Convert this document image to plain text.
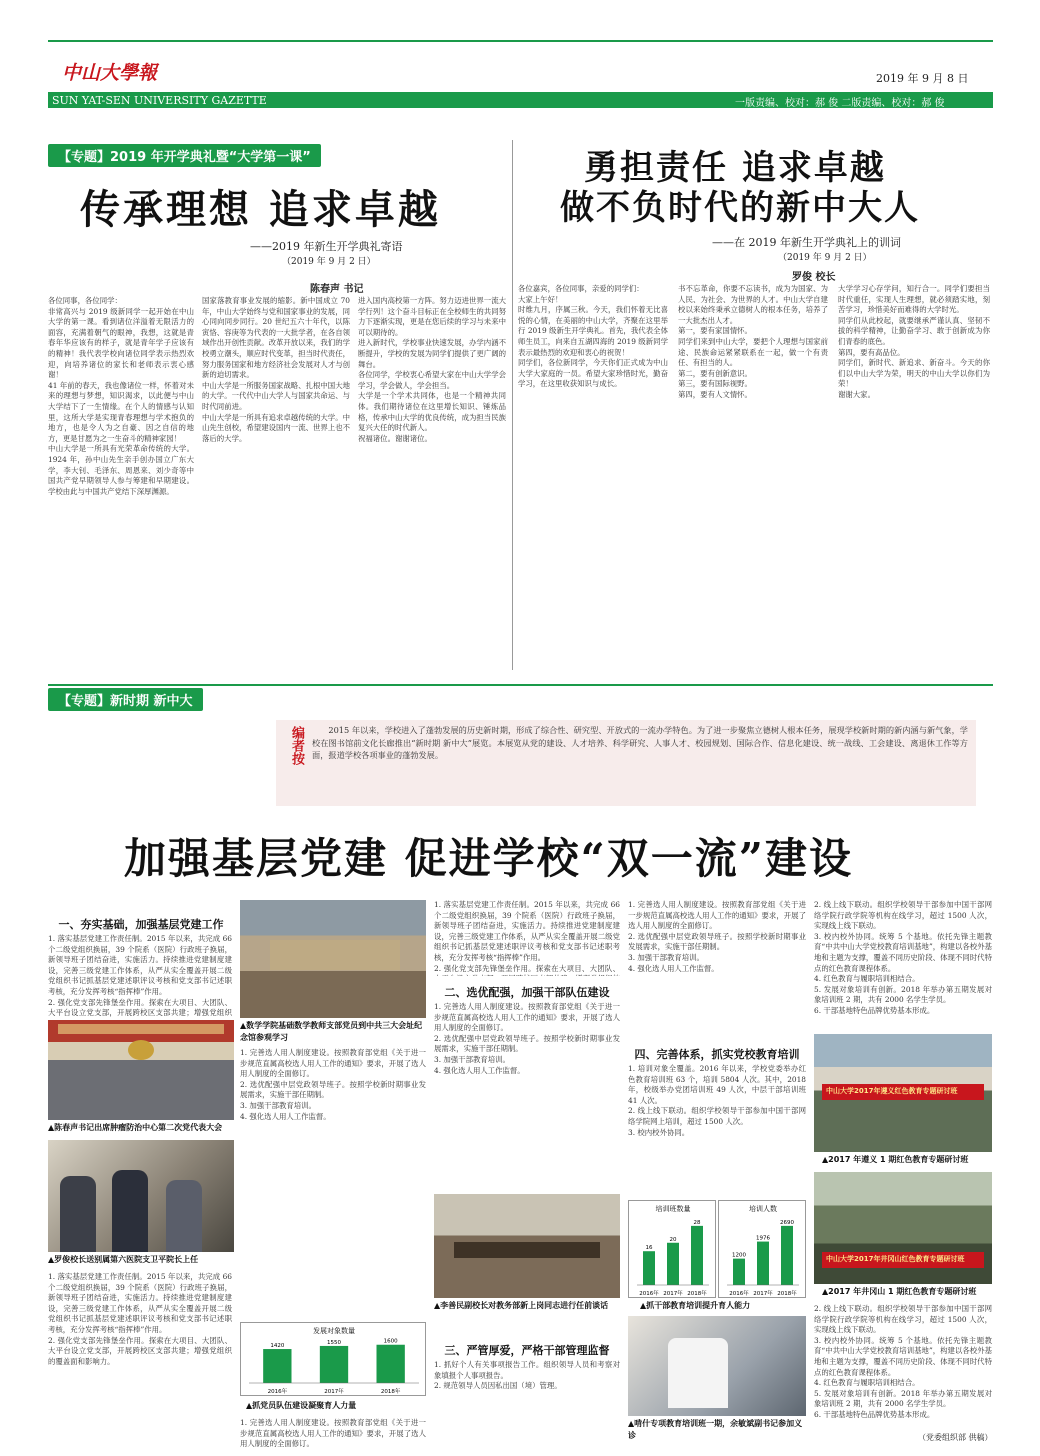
中山大學報	2019 年 9 月 8 日
SUN YAT-SEN UNIVERSITY GAZETTE	一版责编、校对：郝 俊 二版责编、校对：郝 俊
【专题】2019 年开学典礼暨“大学第一课”
传承理想 追求卓越
——2019 年新生开学典礼寄语
（2019 年 9 月 2 日）
陈春声 书记
各位同事，各位同学：
非常高兴与 2019 级新同学一起开始在中山大学的第一课。看到诸位洋溢着无限活力的面容，充满着朝气的眼神，我想，这就是青春年华应该有的样子，就是青年学子应该有的精神！我代表学校向诸位同学表示热烈欢迎，向培养诸位的家长和老师表示衷心感谢！
41 年前的春天，我也像诸位一样，怀着对未来的理想与梦想，知识渴求，以此便与中山大学结下了一生情缘。在个人的情感与认知里，这所大学是实现青春理想与学术抱负的地方，也是令人为之自豪、因之自信的地方，更是甘愿为之一生奋斗的精神家园！
中山大学是一所具有光荣革命传统的大学。1924 年，孙中山先生亲手创办国立广东大学，李大钊、毛泽东、周恩来、刘少奇等中国共产党早期领导人参与筹建和早期建设。学校由此与中国共产党结下深厚渊源。
国家落教育事业发展的缩影。新中国成立 70 年，中山大学始终与党和国家事业的发展，同心同向同步同行。20 世纪五六十年代，以陈寅恪、容庚等为代表的一大批学者，在各自领域作出开创性贡献。改革开放以来，我们的学校勇立潮头，顺应时代变革，担当时代责任，努力服务国家和地方经济社会发展对人才与创新的迫切需求。
中山大学是一所服务国家战略、扎根中国大地的大学。一代代中山大学人与国家共命运、与时代同前进。
中山大学是一所具有追求卓越传统的大学。中山先生创校，希望建设国内一流、世界上也不落后的大学。
进入国内高校第一方阵。努力迈进世界一流大学行列！这个奋斗目标正在全校师生的共同努力下逐渐实现，更是在您后续的学习与未来中可以期待的。
进入新时代，学校事业快速发展，办学内涵不断提升，学校的发展为同学们提供了更广阔的舞台。
各位同学，学校衷心希望大家在中山大学学会学习，学会做人，学会担当。
大学是一个学术共同体，也是一个精神共同体。我们期待诸位在这里增长知识、锤炼品格，传承中山大学的优良传统，成为担当民族复兴大任的时代新人。
祝福诸位。谢谢诸位。
勇担责任 追求卓越
做不负时代的新中大人
——在 2019 年新生开学典礼上的训词
（2019 年 9 月 2 日）
罗俊 校长
各位嘉宾，各位同事，亲爱的同学们：
大家上午好！
时维九月，序属三秋。今天，我们怀着无比喜悦的心情，在美丽的中山大学，齐聚在这里举行 2019 级新生开学典礼。首先，我代表全体师生员工，向来自五湖四海的 2019 级新同学表示最热烈的欢迎和衷心的祝贺！
同学们，各位新同学，今天你们正式成为中山大学大家庭的一员。希望大家珍惜时光，勤奋学习，在这里收获知识与成长。
书不忘革命，你要不忘读书，成为为国家、为人民、为社会、为世界的人才。中山大学自建校以来始终秉承立德树人的根本任务，培养了一大批杰出人才。
第一，要有家国情怀。
同学们来到中山大学，要把个人理想与国家前途、民族命运紧紧联系在一起，做一个有责任、有担当的人。
第二，要有创新意识。
第三，要有国际视野。
第四，要有人文情怀。
大学学习心存学问，知行合一。同学们要担当时代重任，实现人生理想，就必须踏实地，刻苦学习，珍惜美好而难得的大学时光。
同学们从此校起，就要继承严谨认真、坚韧不拔的科学精神，让勤奋学习、敢于创新成为你们青春的底色。
第四，要有高品位。
同学们，新时代、新追求、新奋斗。今天的你们以中山大学为荣，明天的中山大学以你们为荣！
谢谢大家。
【专题】新时期 新中大
编者按	2015 年以来，学校进入了蓬勃发展的历史新时期，形成了综合性、研究型、开放式的一流办学特色。为了进一步聚焦立德树人根本任务，展现学校新时期的新内涵与新气象，学校在图书馆前文化长廊推出“新时期 新中大”展览。本展览从党的建设、人才培养、科学研究、人事人才、校园规划、国际合作、信息化建设、统一战线、工会建设、离退休工作等方面，报道学校各项事业的蓬勃发展。
加强基层党建 促进学校“双一流”建设
一、夯实基础，加强基层党建工作
1. 落实基层党建工作责任制。2015 年以来，共完成 66 个二级党组织换届，39 个院系（医院）行政班子换届，新领导班子团结奋进，实施活力。持续推进党建制度建设，完善三级党建工作体系，从严从实全覆盖开展二级党组织书记抓基层党建述职评议考核和党支部书记述职考核，充分发挥考核“指挥棒”作用。
2. 强化党支部先锋堡垒作用。探索在大项目、大团队、大平台设立党支部，开展跨校区支部共建；增强党组织
▲陈春声书记出席肿瘤防治中心第二次党代表大会
▲罗俊校长送别属第六医院支卫平院长上任
1. 落实基层党建工作责任制。2015 年以来，共完成 66 个二级党组织换届，39 个院系（医院）行政班子换届，新领导班子团结奋进，实施活力。持续推进党建制度建设，完善三级党建工作体系，从严从实全覆盖开展二级党组织书记抓基层党建述职评议考核和党支部书记述职考核，充分发挥考核“指挥棒”作用。
2. 强化党支部先锋堡垒作用。探索在大项目、大团队、大平台设立党支部，开展跨校区支部共建；增强党组织的覆盖面和影响力。
▲数学学院基础数学教师支部党员到中共三大会址纪念馆参观学习
1. 完善选人用人制度建设。按照教育部党组《关于进一步规范直属高校选人用人工作的通知》要求，开展了选人用人制度的全面修订。
2. 选优配强中层党政领导班子。按照学校新时期事业发展需求，实施干部任期制。
3. 加强干部教育培训。
4. 强化选人用人工作监督。
发展对象数量
1420
2016年
1550
2017年
1600
2018年
▲抓党员队伍建设凝聚育人力量
1. 完善选人用人制度建设。按照教育部党组《关于进一步规范直属高校选人用人工作的通知》要求，开展了选人用人制度的全面修订。

1. 落实基层党建工作责任制。2015 年以来，共完成 66 个二级党组织换届，39 个院系（医院）行政班子换届，新领导班子团结奋进，实施活力。持续推进党建制度建设，完善三级党建工作体系，从严从实全覆盖开展二级党组织书记抓基层党建述职评议考核和党支部书记述职考核，充分发挥考核“指挥棒”作用。
2. 强化党支部先锋堡垒作用。探索在大项目、大团队、
二、选优配强，加强干部队伍建设
1. 完善选人用人制度建设。按照教育部党组《关于进一步规范直属高校选人用人工作的通知》要求，开展了选人用人制度的全面修订。
2. 选优配强中层党政领导班子。按照学校新时期事业发展需求，实施干部任期制。
3. 加强干部教育培训。
4. 强化选人用人工作监督。
▲李善民副校长对教务部新上岗同志进行任前谈话
三、严管厚爱，严格干部管理监督
1. 抓好个人有关事项报告工作。组织领导人员和考察对象填报个人事项报告。
2. 规范领导人员因私出国（境）管理。
1. 完善选人用人制度建设。按照教育部党组《关于进一步规范直属高校选人用人工作的通知》要求，开展了选人用人制度的全面修订。
2. 选优配强中层党政领导班子。按照学校新时期事业发展需求，实施干部任期制。
3. 加强干部教育培训。
4. 强化选人用人工作监督。
四、完善体系，抓实党校教育培训
1. 培训对象全覆盖。2016 年以来，学校党委举办红色教育培训班 63 个，培训 5804 人次。其中，2018 年，校级举办党团培训班 49 人次，中层干部培训班 41 人次。
2. 线上线下联动。组织学校领导干部参加中国干部网络学院网上培训，超过 1500 人次。
3. 校内校外协同。
培训班数量
16
2016年
20
2017年
28
2018年
培训人数
1200
2016年
1976
2017年
2690
2018年
▲抓干部教育培训提升育人能力
▲啃什专项教育培训班一期，余敏斌副书记参加义诊
2. 线上线下联动。组织学校领导干部参加中国干部网络学院行政学院等机构在线学习，超过 1500 人次，实现线上线下联动。
3. 校内校外协同。统筹 5 个基地。依托先锋主题教育“中共中山大学党校教育培训基地”，构建以各校外基地和主题为支撑，覆盖不同历史阶段、体现不同时代特点的红色教育课程体系。
4. 红色教育与履职培训相结合。
5. 发展对象培训有创新。2018 年举办第五期发展对象培训班 2 期，共有 2000 名学生学员。
6. 干部基地特色品牌优势基本形成。
中山大学2017年遵义红色教育专题研讨班
▲2017 年遵义 1 期红色教育专题研讨班
中山大学2017年井冈山红色教育专题研讨班
▲2017 年井冈山 1 期红色教育专题研讨班
2. 线上线下联动。组织学校领导干部参加中国干部网络学院行政学院等机构在线学习，超过 1500 人次，实现线上线下联动。
3. 校内校外协同。统筹 5 个基地。依托先锋主题教育“中共中山大学党校教育培训基地”，构建以各校外基地和主题为支撑，覆盖不同历史阶段、体现不同时代特点的红色教育课程体系。
4. 红色教育与履职培训相结合。
5. 发展对象培训有创新。2018 年举办第五期发展对象培训班 2 期，共有 2000 名学生学员。
6. 干部基地特色品牌优势基本形成。
（党委组织部 供稿）
